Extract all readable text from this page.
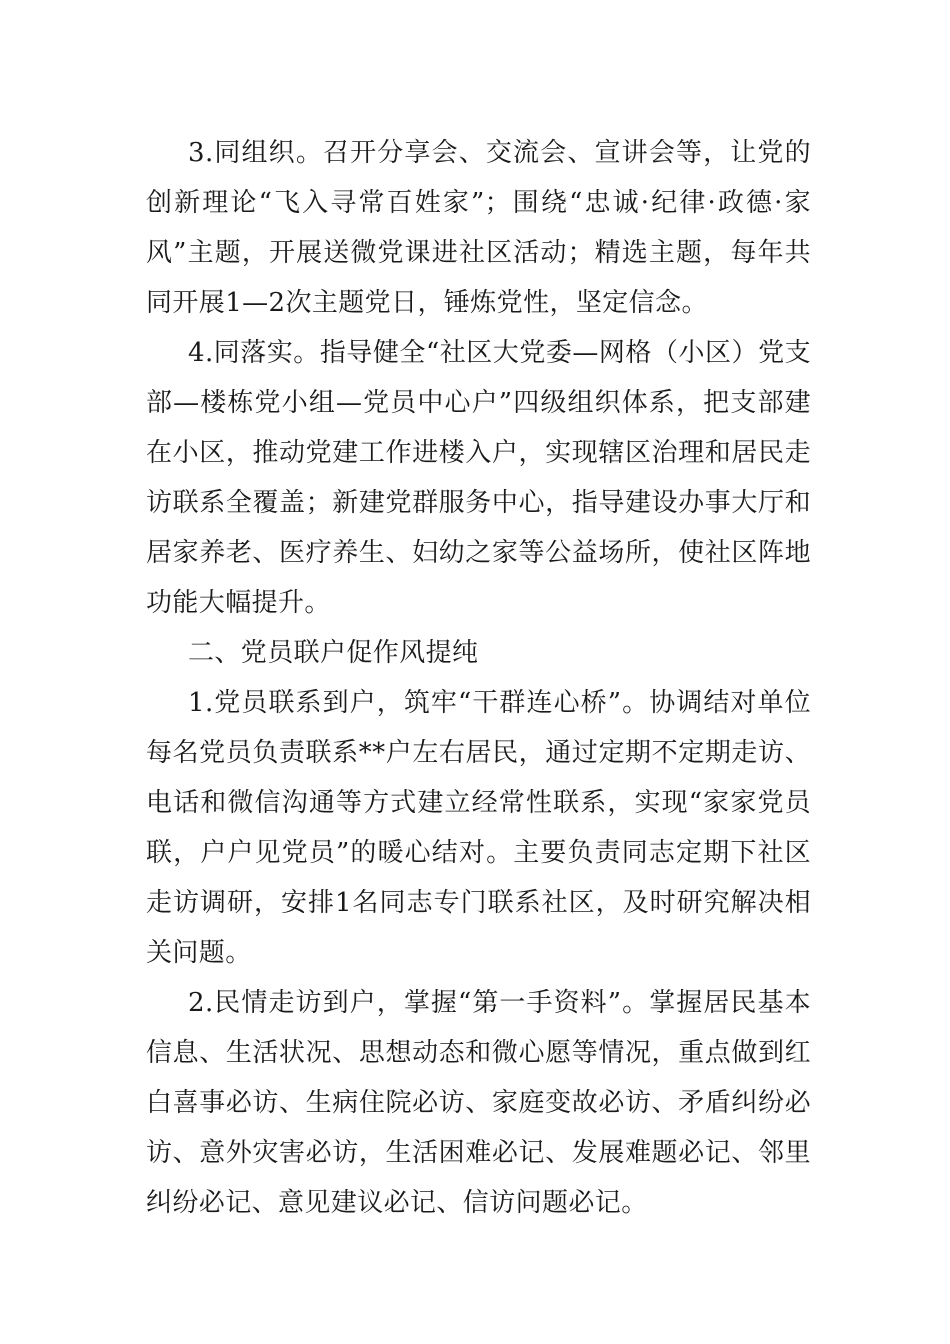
3.同组织。召开分享会、交流会、宣讲会等，让党的创新理论“飞入寻常百姓家”；围绕“忠诚·纪律·政德·家风”主题，开展送微党课进社区活动；精选主题，每年共同开展1—2次主题党日，锤炼党性，坚定信念。

4.同落实。指导健全“社区大党委—网格（小区）党支部—楼栋党小组—党员中心户”四级组织体系，把支部建在小区，推动党建工作进楼入户，实现辖区治理和居民走访联系全覆盖；新建党群服务中心，指导建设办事大厅和居家养老、医疗养生、妇幼之家等公益场所，使社区阵地功能大幅提升。

二、党员联户促作风提纯

1.党员联系到户，筑牢“干群连心桥”。协调结对单位每名党员负责联系**户左右居民，通过定期不定期走访、电话和微信沟通等方式建立经常性联系，实现“家家党员联，户户见党员”的暖心结对。主要负责同志定期下社区走访调研，安排1名同志专门联系社区，及时研究解决相关问题。

2.民情走访到户，掌握“第一手资料”。掌握居民基本信息、生活状况、思想动态和微心愿等情况，重点做到红白喜事必访、生病住院必访、家庭变故必访、矛盾纠纷必访、意外灾害必访，生活困难必记、发展难题必记、邻里纠纷必记、意见建议必记、信访问题必记。
